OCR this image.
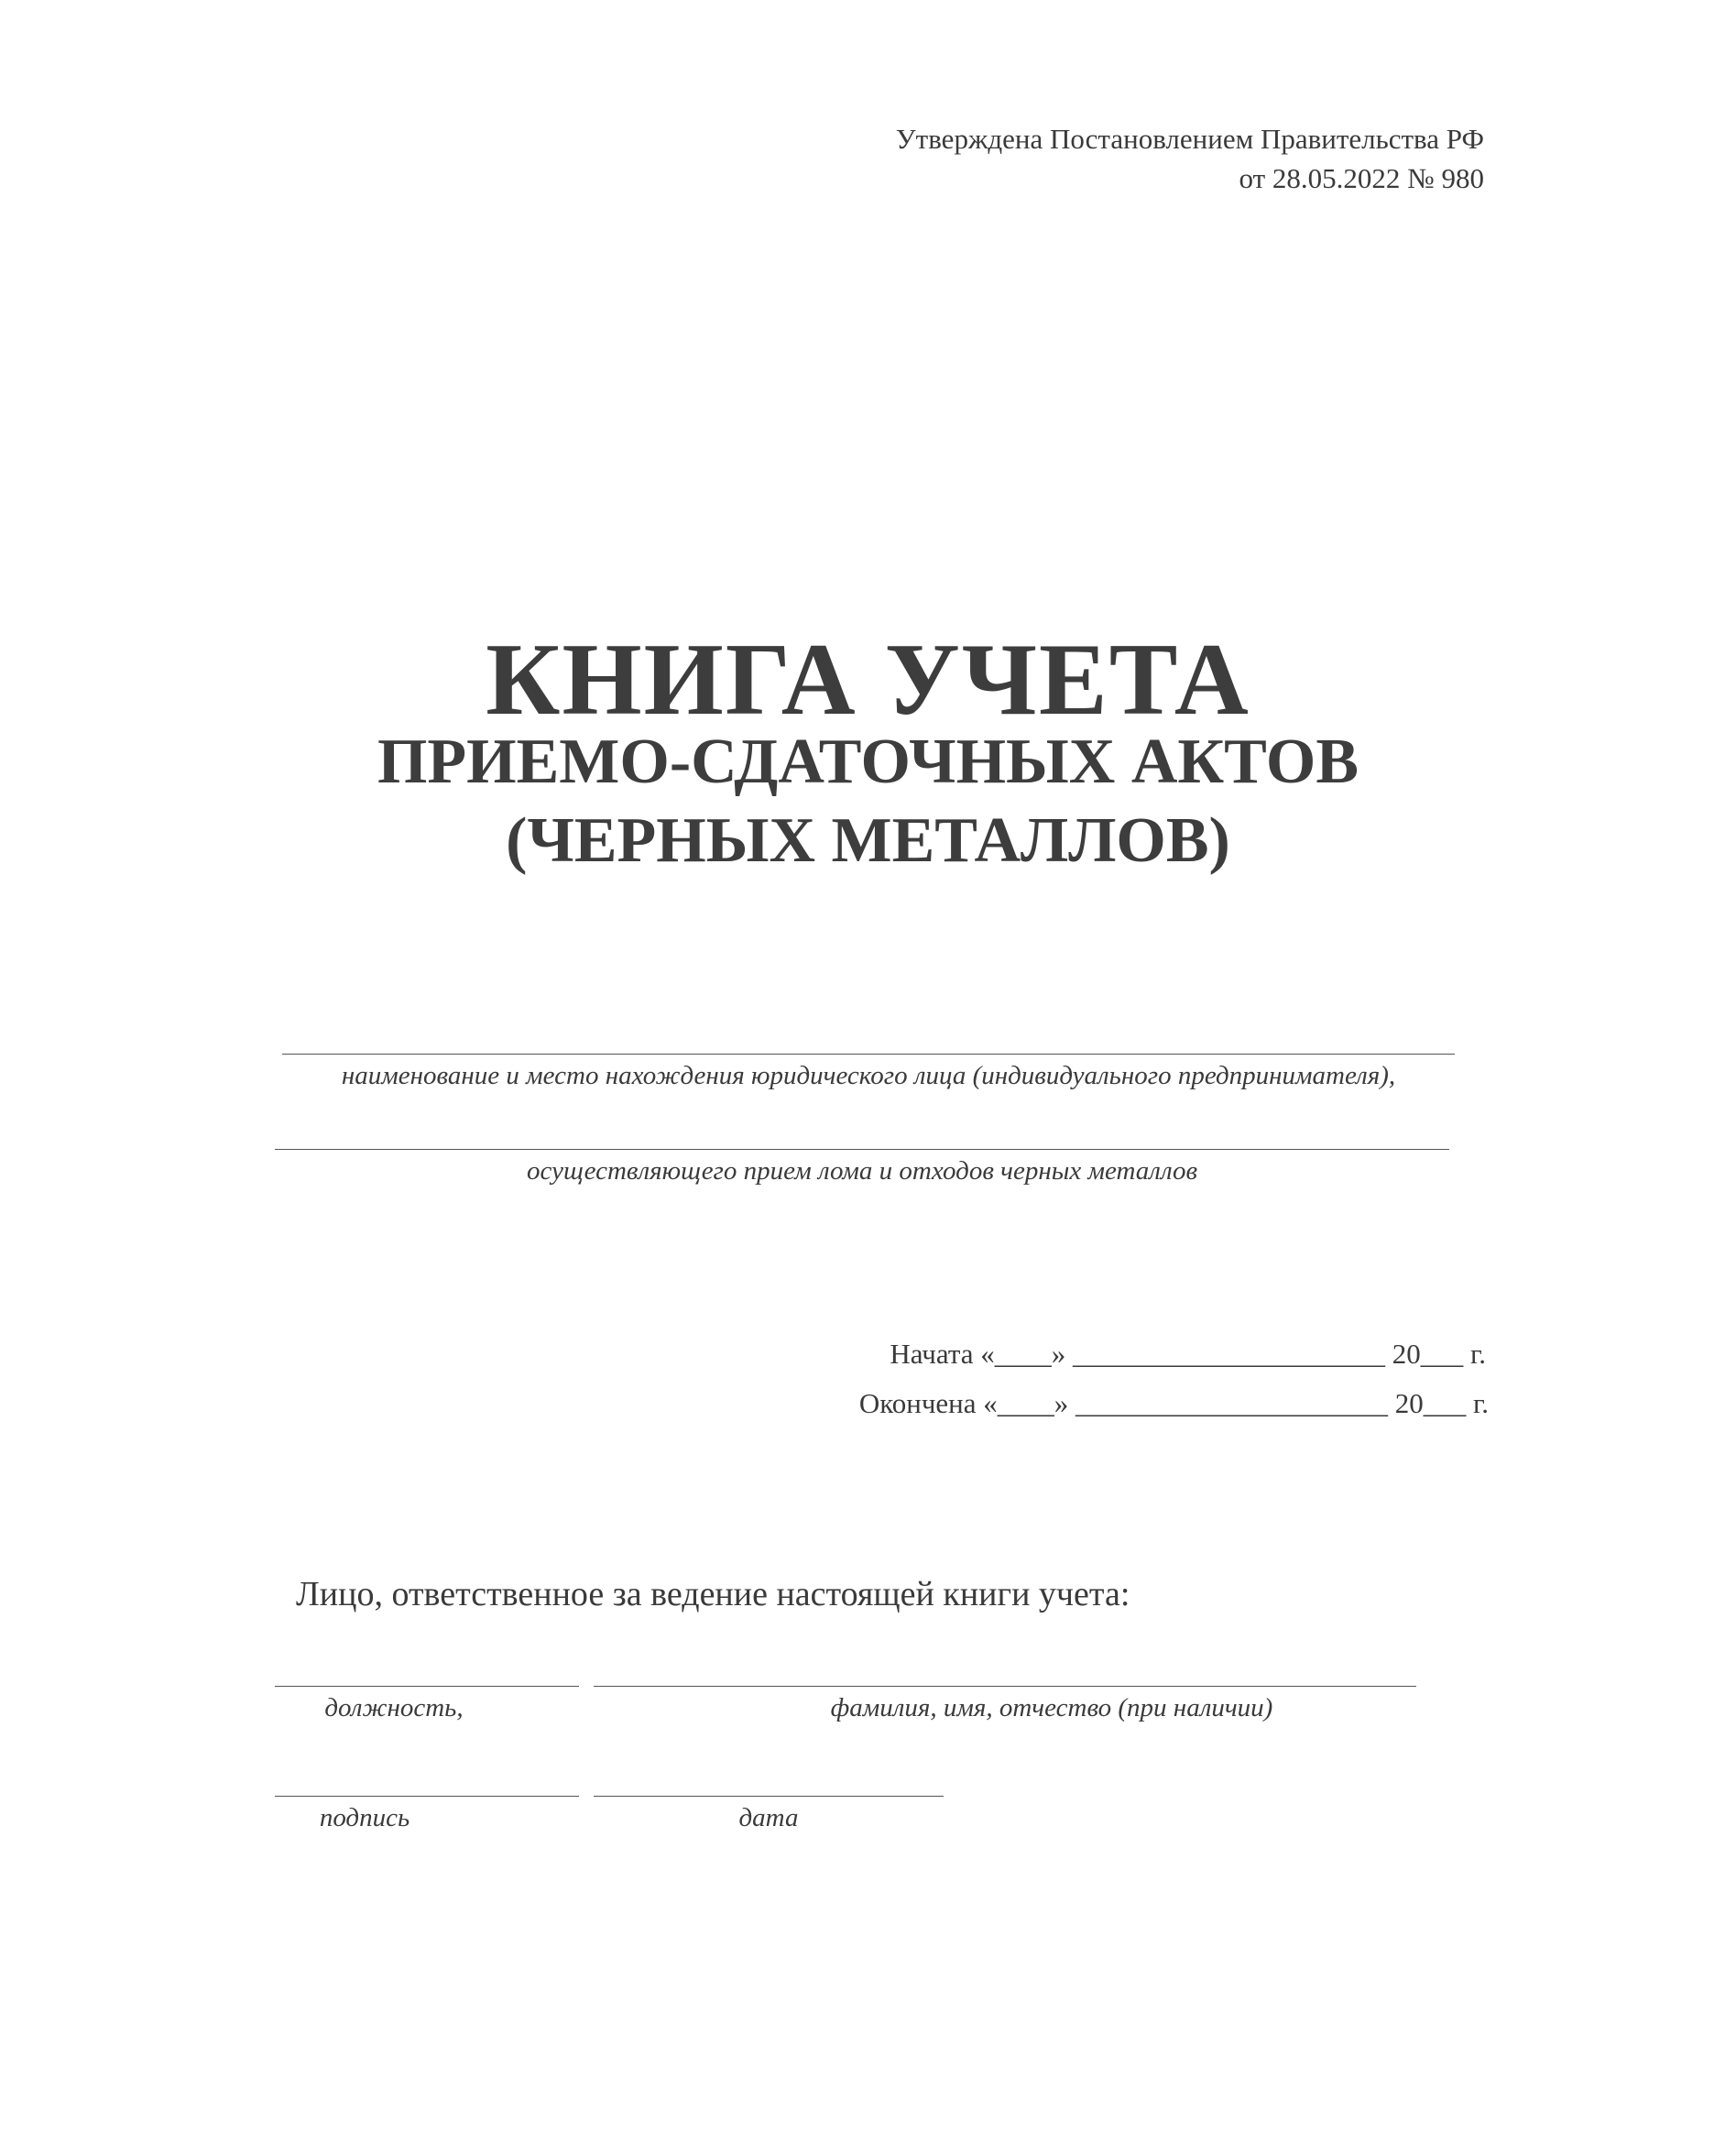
Утверждена Постановлением Правительства РФ
от 28.05.2022 № 980
КНИГА УЧЕТА
ПРИЕМО-СДАТОЧНЫХ АКТОВ
(ЧЕРНЫХ МЕТАЛЛОВ)
наименование и место нахождения юридического лица (индивидуального предпринимателя),
осуществляющего прием лома и отходов черных металлов
Начата «____» ______________________ 20___ г.
Окончена «____» ______________________ 20___ г.
Лицо, ответственное за ведение настоящей книги учета:
должность,	фамилия, имя, отчество (при наличии)
подпись	дата
